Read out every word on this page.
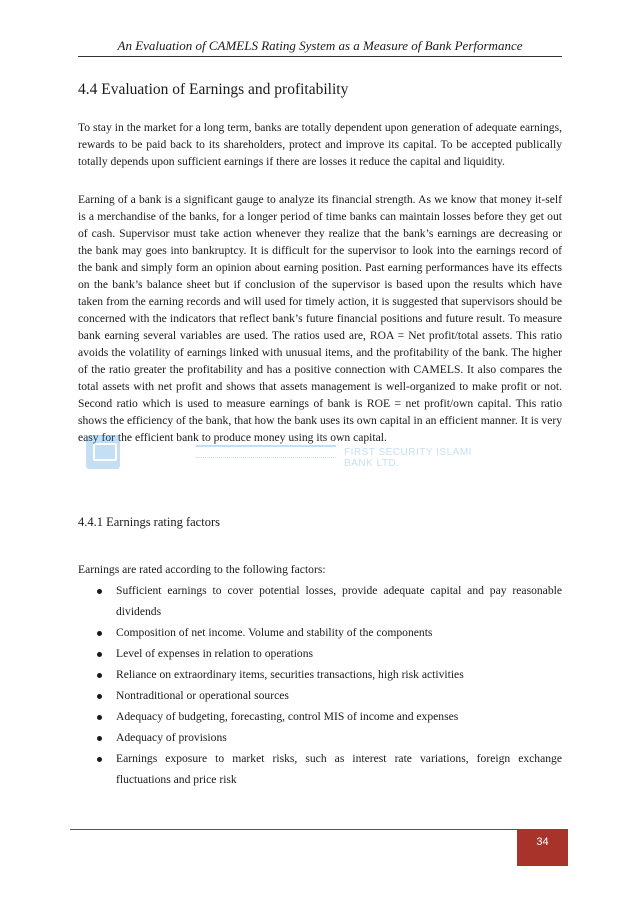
An Evaluation of CAMELS Rating System as a Measure of Bank Performance
4.4 Evaluation of Earnings and profitability

To stay in the market for a long term, banks are totally dependent upon generation of adequate earnings, rewards to be paid back to its shareholders, protect and improve its capital. To be accepted publically totally depends upon sufficient earnings if there are losses it reduce the capital and liquidity.

Earning of a bank is a significant gauge to analyze its financial strength. As we know that money it-self is a merchandise of the banks, for a longer period of time banks can maintain losses before they get out of cash. Supervisor must take action whenever they realize that the bank’s earnings are decreasing or the bank may goes into bankruptcy. It is difficult for the supervisor to look into the earnings record of the bank and simply form an opinion about earning position. Past earning performances have its effects on the bank’s balance sheet but if conclusion of the supervisor is based upon the results which have taken from the earning records and will used for timely action, it is suggested that supervisors should be concerned with the indicators that reflect bank’s future financial positions and future result. To measure bank earning several variables are used. The ratios used are, ROA = Net profit/total assets. This ratio avoids the volatility of earnings linked with unusual items, and the profitability of the bank. The higher of the ratio greater the profitability and has a positive connection with CAMELS. It also compares the total assets with net profit and shows that assets management is well-organized to make profit or not. Second ratio which is used to measure earnings of bank is ROE = net profit/own capital. This ratio shows the efficiency of the bank, that how the bank uses its own capital in an efficient manner. It is very easy for the efficient bank to produce money using its own capital.

FIRST SECURITY ISLAMI BANK LTD.
4.4.1 Earnings rating factors
Earnings are rated according to the following factors:
Sufficient earnings to cover potential losses, provide adequate capital and pay reasonable dividends
Composition of net income. Volume and stability of the components
Level of expenses in relation to operations
Reliance on extraordinary items, securities transactions, high risk activities
Nontraditional or operational sources
Adequacy of budgeting, forecasting, control MIS of income and expenses
Adequacy of provisions
Earnings exposure to market risks, such as interest rate variations, foreign exchange fluctuations and price risk
34
